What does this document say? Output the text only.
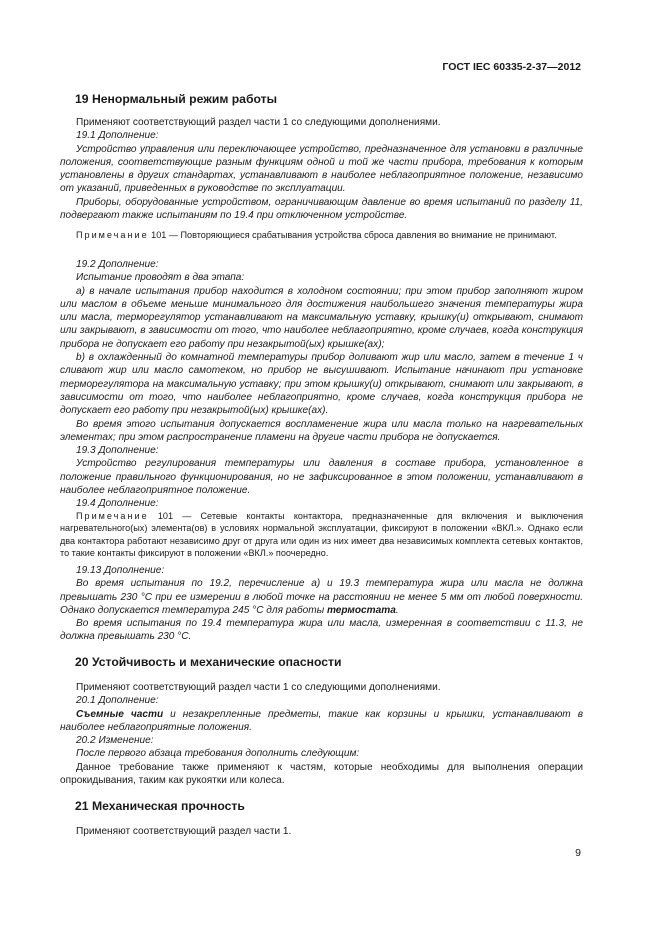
ГОСТ IEC 60335-2-37—2012
19 Ненормальный режим работы

Применяют соответствующий раздел части 1 со следующими дополнениями.

19.1 Дополнение:

Устройство управления или переключающее устройство, предназначенное для установки в различные положения, соответствующие разным функциям одной и той же части прибора, требования к которым установлены в других стандартах, устанавливают в наиболее неблагоприятное положение, независимо от указаний, приведенных в руководстве по эксплуатации.

Приборы, оборудованные устройством, ограничивающим давление во время испытаний по разделу 11, подвергают также испытаниям по 19.4 при отключенном устройстве.

Примечание 101 — Повторяющиеся срабатывания устройства сброса давления во внимание не принимают.

19.2 Дополнение:

Испытание проводят в два этапа:

а) в начале испытания прибор находится в холодном состоянии; при этом прибор заполняют жиром или маслом в объеме меньше минимального для достижения наибольшего значения температуры жира или масла, терморегулятор устанавливают на максимальную уставку, крышку(и) открывают, снимают или закрывают, в зависимости от того, что наиболее неблагоприятно, кроме случаев, когда конструкция прибора не допускает его работу при незакрытой(ых) крышке(ах);

b) в охлажденный до комнатной температуры прибор доливают жир или масло, затем в течение 1 ч сливают жир или масло самотеком, но прибор не высушивают. Испытание начинают при установке терморегулятора на максимальную уставку; при этом крышку(и) открывают, снимают или закрывают, в зависимости от того, что наиболее неблагоприятно, кроме случаев, когда конструкция прибора не допускает его работу при незакрытой(ых) крышке(ах).

Во время этого испытания допускается воспламенение жира или масла только на нагревательных элементах; при этом распространение пламени на другие части прибора не допускается.

19.3 Дополнение:

Устройство регулирования температуры или давления в составе прибора, установленное в положение правильного функционирования, но не зафиксированное в этом положении, устанавливают в наиболее неблагоприятное положение.

19.4 Дополнение:

Примечание 101 — Сетевые контакты контактора, предназначенные для включения и выключения нагревательного(ых) элемента(ов) в условиях нормальной эксплуатации, фиксируют в положении «ВКЛ.». Однако если два контактора работают независимо друг от друга или один из них имеет два независимых комплекта сетевых контактов, то такие контакты фиксируют в положении «ВКЛ.» поочередно.

19.13 Дополнение:

Во время испытания по 19.2, перечисление а) и 19.3 температура жира или масла не должна превышать 230 °С при ее измерении в любой точке на расстоянии не менее 5 мм от любой поверхности. Однако допускается температура 245 °С для работы термостата.

Во время испытания по 19.4 температура жира или масла, измеренная в соответствии с 11.3, не должна превышать 230 °С.

20 Устойчивость и механические опасности

Применяют соответствующий раздел части 1 со следующими дополнениями.

20.1 Дополнение:

Съемные части и незакрепленные предметы, такие как корзины и крышки, устанавливают в наиболее неблагоприятные положения.

20.2 Изменение:

После первого абзаца требования дополнить следующим:

Данное требование также применяют к частям, которые необходимы для выполнения операции опрокидывания, таким как рукоятки или колеса.

21 Механическая прочность

Применяют соответствующий раздел части 1.

9
